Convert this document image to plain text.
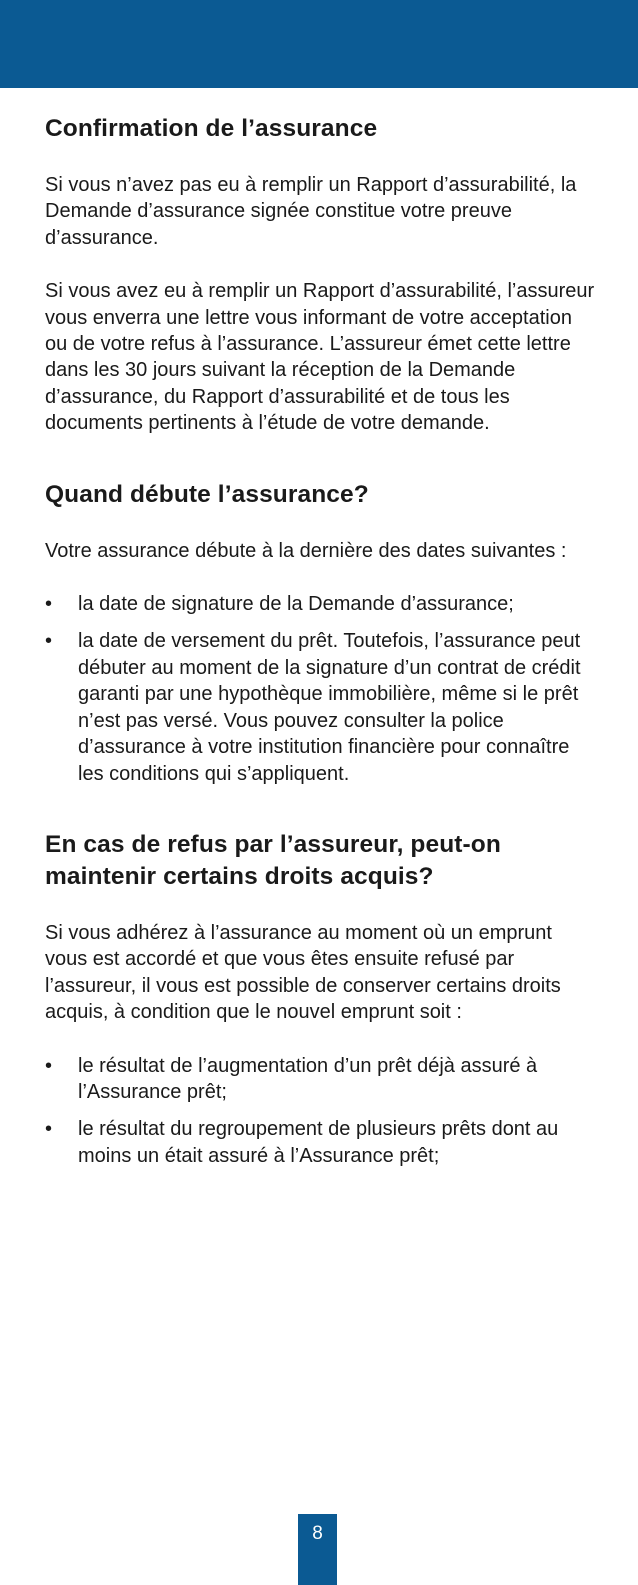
Confirmation de l’assurance

Si vous n’avez pas eu à remplir un Rapport d’assurabilité, la Demande d’assurance signée constitue votre preuve d’assurance.

Si vous avez eu à remplir un Rapport d’assurabilité, l’assureur vous enverra une lettre vous informant de votre acceptation ou de votre refus à l’assurance. L’assureur émet cette lettre dans les 30 jours suivant la réception de la Demande d’assurance, du Rapport d’assurabilité et de tous les documents pertinents à l’étude de votre demande.

Quand débute l’assurance?

Votre assurance débute à la dernière des dates suivantes :

• la date de signature de la Demande d’assurance;
• la date de versement du prêt. Toutefois, l’assurance peut débuter au moment de la signature d’un contrat de crédit garanti par une hypothèque immobilière, même si le prêt n’est pas versé. Vous pouvez consulter la police d’assurance à votre institution financière pour connaître les conditions qui s’appliquent.
En cas de refus par l’assureur, peut-on maintenir certains droits acquis?

Si vous adhérez à l’assurance au moment où un emprunt vous est accordé et que vous êtes ensuite refusé par l’assureur, il vous est possible de conserver certains droits acquis, à condition que le nouvel emprunt soit :

• le résultat de l’augmentation d’un prêt déjà assuré à l’Assurance prêt;
• le résultat du regroupement de plusieurs prêts dont au moins un était assuré à l’Assurance prêt;
8
